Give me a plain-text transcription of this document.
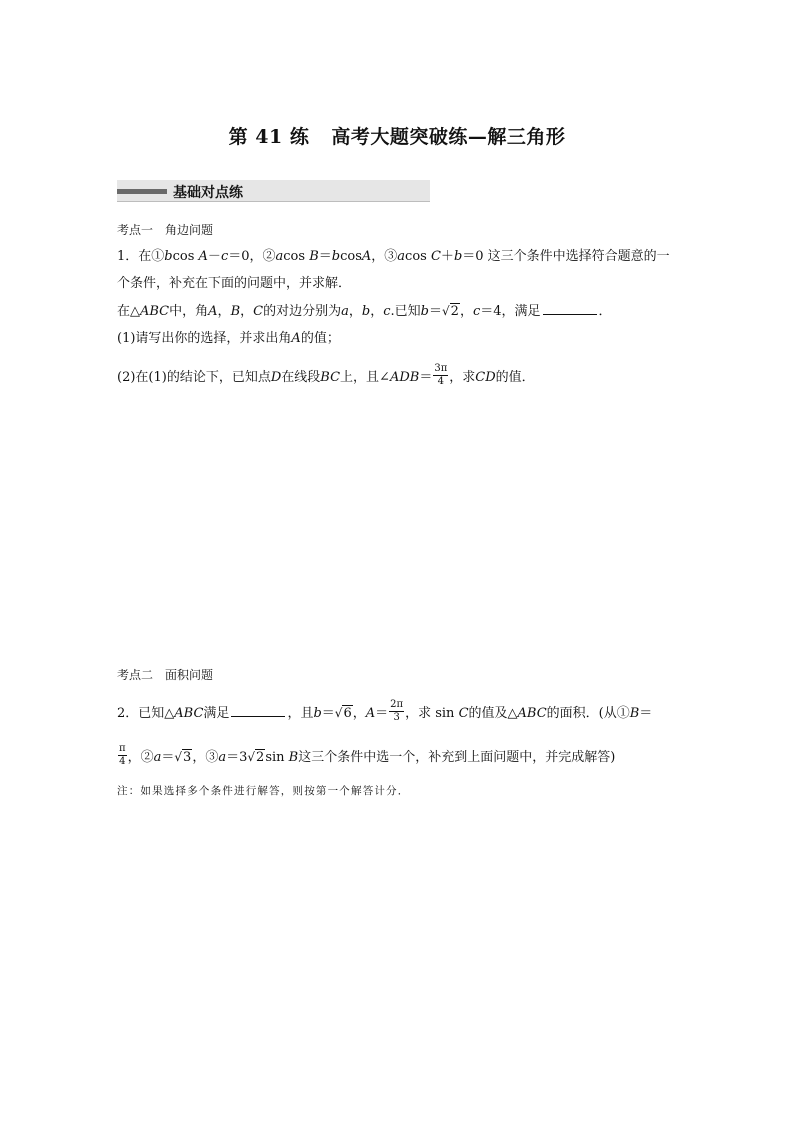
第 41 练 高考大题突破练—解三角形
基础对点练
考点一　角边问题
1．在①bcos A－c＝0，②acos B＝bcosA，③acos C＋b＝0 这三个条件中选择符合题意的一
个条件，补充在下面的问题中，并求解．
在△ABC中，角A，B，C的对边分别为a，b，c.已知b＝√2，c＝4，满足	．
(1)请写出你的选择，并求出角A的值；
(2)在(1)的结论下，已知点D在线段BC上，且∠ADB＝ $\frac{3\pi}{4}$ ，求CD的值．
考点二　面积问题
2．已知△ABC满足	，且b＝√6，$A= \frac{2\pi}{3}$ ，求 sin C的值及△ABC的面积．(从①B＝
$\frac{\pi}{4}$ ，②a＝√3，③a＝3√2sin B这三个条件中选一个，补充到上面问题中，并完成解答)
注：如果选择多个条件进行解答，则按第一个解答计分．
